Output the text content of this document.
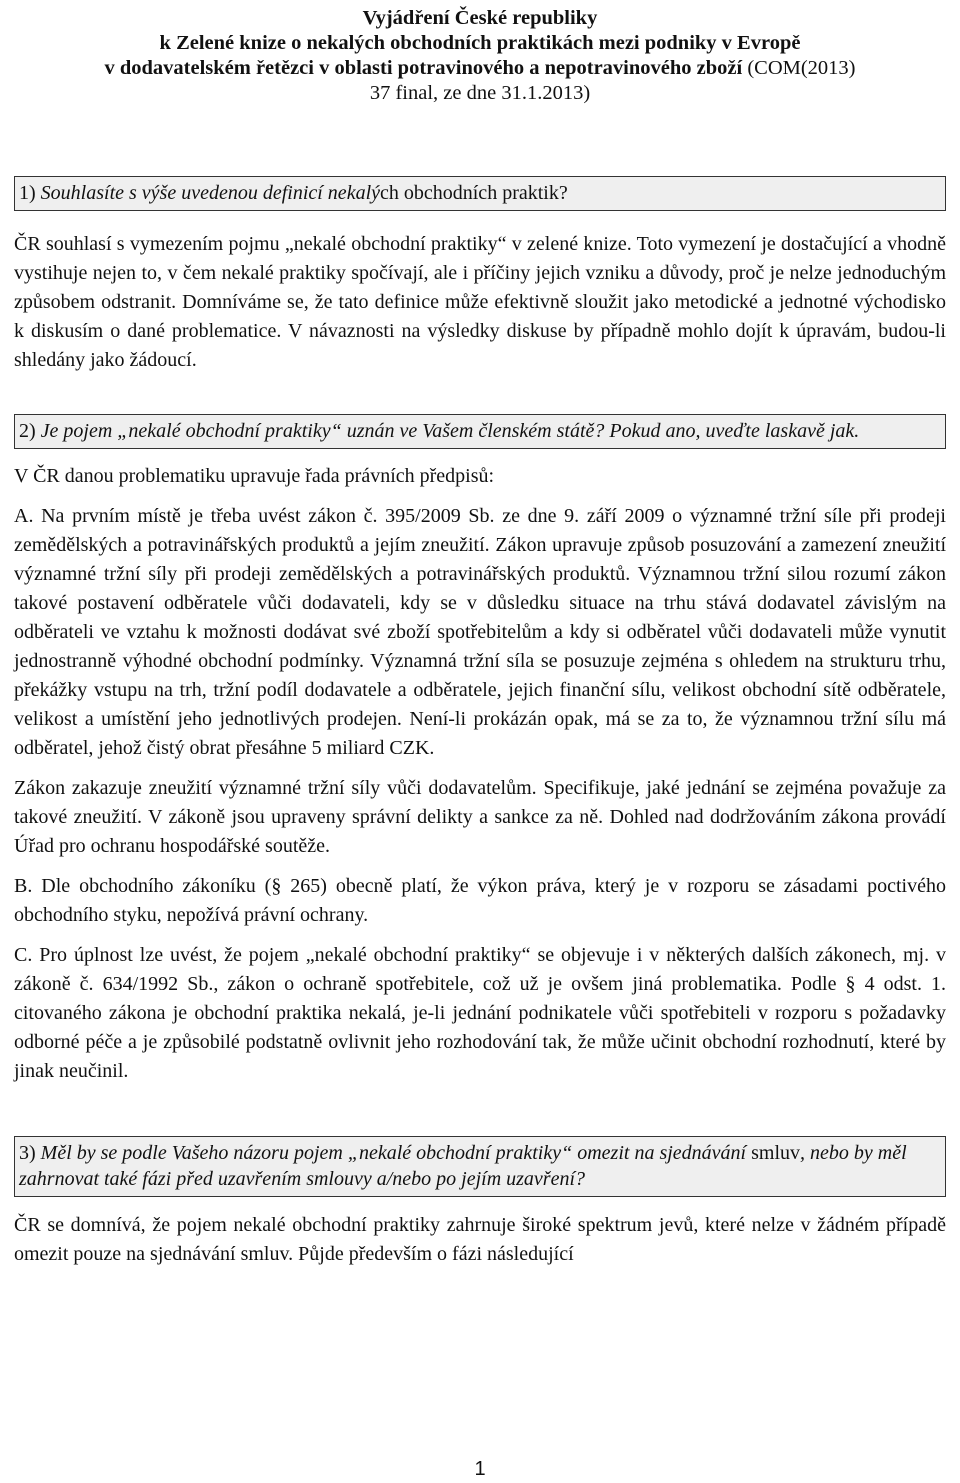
Vyjádření České republiky
k Zelené knize o nekalých obchodních praktikách mezi podniky v Evropě
v dodavatelském řetězci v oblasti potravinového a nepotravinového zboží (COM(2013)
37 final, ze dne 31.1.2013)
1) Souhlasíte s výše uvedenou definicí nekalých obchodních praktik?

ČR souhlasí s vymezením pojmu „nekalé obchodní praktiky“ v zelené knize. Toto vymezení je dostačující a vhodně vystihuje nejen to, v čem nekalé praktiky spočívají, ale i příčiny jejich vzniku a důvody, proč je nelze jednoduchým způsobem odstranit. Domníváme se, že tato definice může efektivně sloužit jako metodické a jednotné východisko k diskusím o dané problematice. V návaznosti na výsledky diskuse by případně mohlo dojít k úpravám, budou-li shledány jako žádoucí.

2) Je pojem „nekalé obchodní praktiky“ uznán ve Vašem členském státě? Pokud ano, uveďte laskavě jak.

V ČR danou problematiku upravuje řada právních předpisů:

A. Na prvním místě je třeba uvést zákon č. 395/2009 Sb. ze dne 9. září 2009 o významné tržní síle při prodeji zemědělských a potravinářských produktů a jejím zneužití. Zákon upravuje způsob posuzování a zamezení zneužití významné tržní síly při prodeji zemědělských a potravinářských produktů. Významnou tržní silou rozumí zákon takové postavení odběratele vůči dodavateli, kdy se v důsledku situace na trhu stává dodavatel závislým na odběrateli ve vztahu k možnosti dodávat své zboží spotřebitelům a kdy si odběratel vůči dodavateli může vynutit jednostranně výhodné obchodní podmínky. Významná tržní síla se posuzuje zejména s ohledem na strukturu trhu, překážky vstupu na trh, tržní podíl dodavatele a odběratele, jejich finanční sílu, velikost obchodní sítě odběratele, velikost a umístění jeho jednotlivých prodejen. Není-li prokázán opak, má se za to, že významnou tržní sílu má odběratel, jehož čistý obrat přesáhne 5 miliard CZK.

Zákon zakazuje zneužití významné tržní síly vůči dodavatelům. Specifikuje, jaké jednání se zejména považuje za takové zneužití. V zákoně jsou upraveny správní delikty a sankce za ně. Dohled nad dodržováním zákona provádí Úřad pro ochranu hospodářské soutěže.

B. Dle obchodního zákoníku (§ 265) obecně platí, že výkon práva, který je v rozporu se zásadami poctivého obchodního styku, nepožívá právní ochrany.

C. Pro úplnost lze uvést, že pojem „nekalé obchodní praktiky“ se objevuje i v některých dalších zákonech, mj. v zákoně č. 634/1992 Sb., zákon o ochraně spotřebitele, což už je ovšem jiná problematika. Podle § 4 odst. 1. citovaného zákona je obchodní praktika nekalá, je-li jednání podnikatele vůči spotřebiteli v rozporu s požadavky odborné péče a je způsobilé podstatně ovlivnit jeho rozhodování tak, že může učinit obchodní rozhodnutí, které by jinak neučinil.

3) Měl by se podle Vašeho názoru pojem „nekalé obchodní praktiky“ omezit na sjednávání smluv, nebo by měl zahrnovat také fázi před uzavřením smlouvy a/nebo po jejím uzavření?

ČR se domnívá, že pojem nekalé obchodní praktiky zahrnuje široké spektrum jevů, které nelze v žádném případě omezit pouze na sjednávání smluv. Půjde především o fázi následující

1
